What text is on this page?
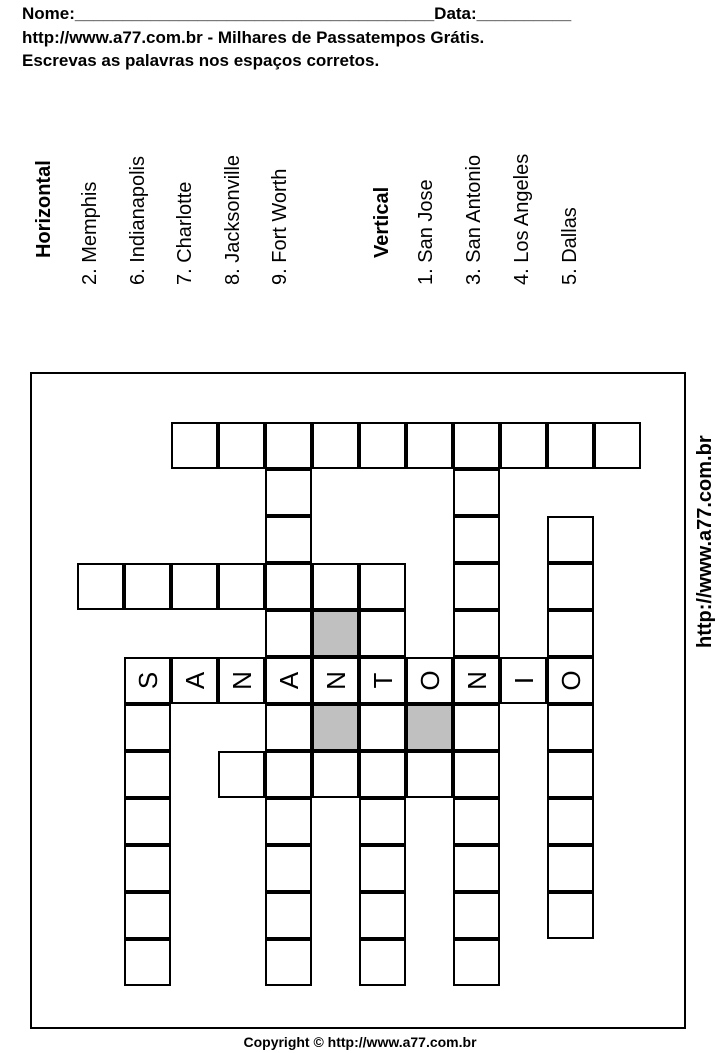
Nome:______________________________________Data:__________
http://www.a77.com.br - Milhares de Passatempos Grátis.
Escrevas as palavras nos espaços corretos.
Horizontal 2. Memphis 6. Indianapolis 7. Charlotte 8. Jacksonville 9. Fort Worth	Vertical 1. San Jose 3. San Antonio 4. Los Angeles 5. Dallas
S A N A N T O N I O
http://www.a77.com.br
Copyright © http://www.a77.com.br
